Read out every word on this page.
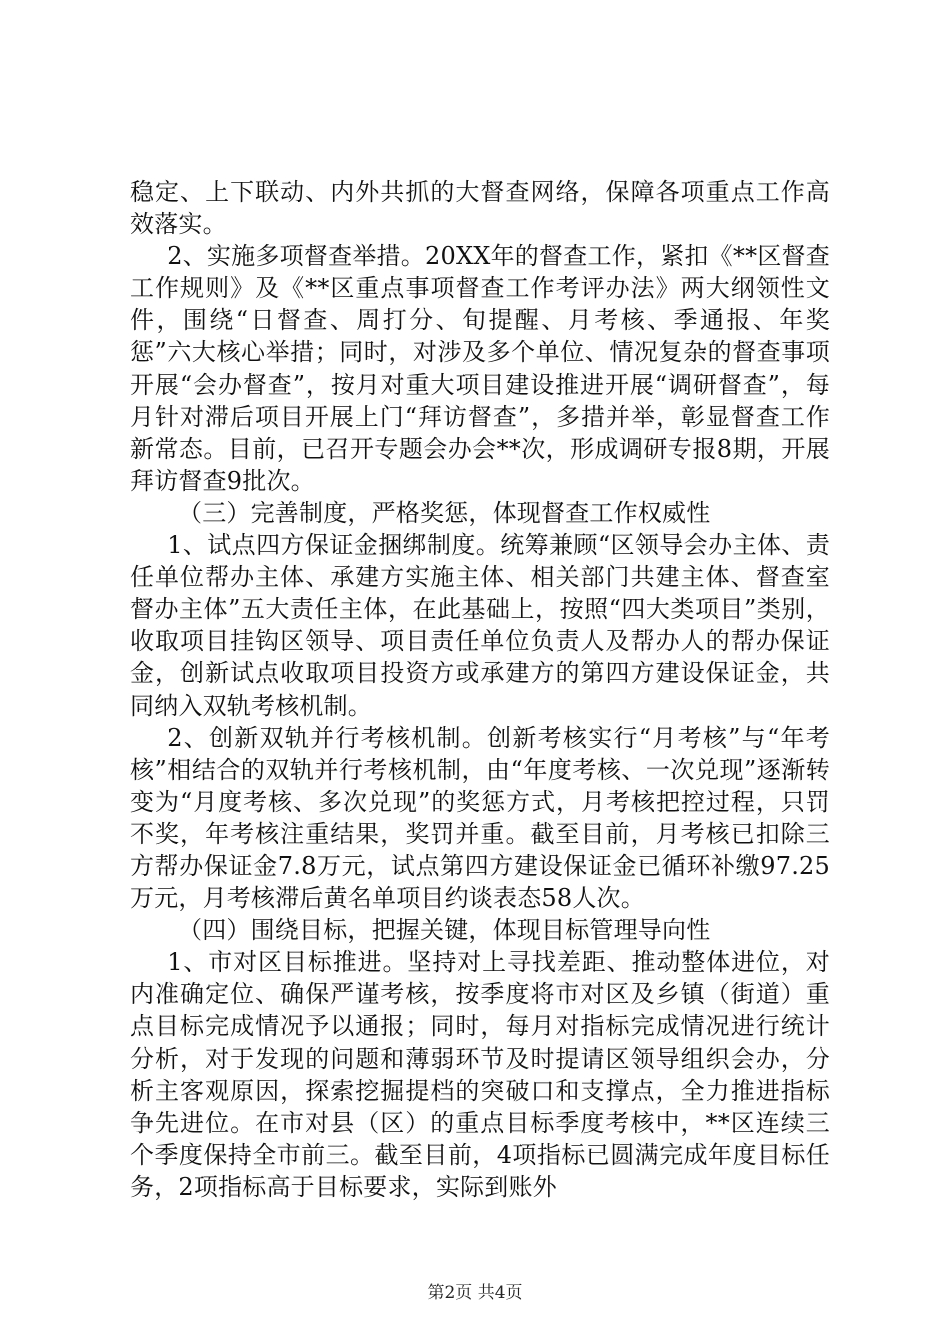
稳定、上下联动、内外共抓的大督查网络，保障各项重点工作高效落实。

2、实施多项督查举措。20XX年的督查工作，紧扣《**区督查工作规则》及《**区重点事项督查工作考评办法》两大纲领性文件，围绕“日督查、周打分、旬提醒、月考核、季通报、年奖惩”六大核心举措；同时，对涉及多个单位、情况复杂的督查事项开展“会办督查”，按月对重大项目建设推进开展“调研督查”，每月针对滞后项目开展上门“拜访督查”，多措并举，彰显督查工作新常态。目前，已召开专题会办会**次，形成调研专报8期，开展拜访督查9批次。

（三）完善制度，严格奖惩，体现督查工作权威性

1、试点四方保证金捆绑制度。统筹兼顾“区领导会办主体、责任单位帮办主体、承建方实施主体、相关部门共建主体、督查室督办主体”五大责任主体，在此基础上，按照“四大类项目”类别，收取项目挂钩区领导、项目责任单位负责人及帮办人的帮办保证金，创新试点收取项目投资方或承建方的第四方建设保证金，共同纳入双轨考核机制。

2、创新双轨并行考核机制。创新考核实行“月考核”与“年考核”相结合的双轨并行考核机制，由“年度考核、一次兑现”逐渐转变为“月度考核、多次兑现”的奖惩方式，月考核把控过程，只罚不奖，年考核注重结果，奖罚并重。截至目前，月考核已扣除三方帮办保证金7.8万元，试点第四方建设保证金已循环补缴97.25万元，月考核滞后黄名单项目约谈表态58人次。

（四）围绕目标，把握关键，体现目标管理导向性

1、市对区目标推进。坚持对上寻找差距、推动整体进位，对内准确定位、确保严谨考核，按季度将市对区及乡镇（街道）重点目标完成情况予以通报；同时，每月对指标完成情况进行统计分析，对于发现的问题和薄弱环节及时提请区领导组织会办，分析主客观原因，探索挖掘提档的突破口和支撑点，全力推进指标争先进位。在市对县（区）的重点目标季度考核中，**区连续三个季度保持全市前三。截至目前，4项指标已圆满完成年度目标任务，2项指标高于目标要求，实际到账外

第2页 共4页
